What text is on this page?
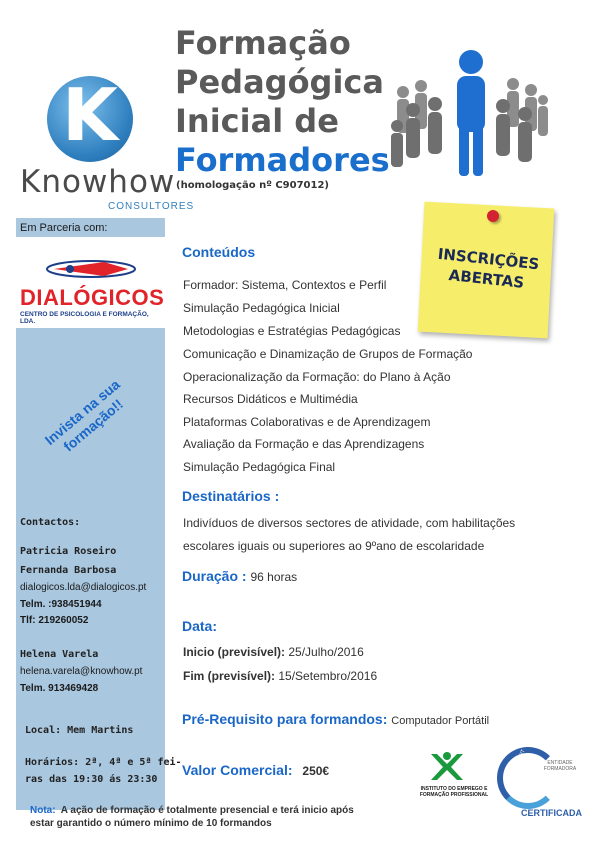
K
Knowhow
CONSULTORES
Em Parceria com:
DIALÓGICOS
CENTRO DE PSICOLOGIA E FORMAÇÃO, LDA.
Invista na sua formação!!
Contactos:
Patricia Roseiro
Fernanda Barbosa
dialogicos.lda@dialogicos.pt
Telm. :938451944
Tlf: 219260052
Helena Varela
helena.varela@knowhow.pt
Telm. 913469428
Local: Mem Martins
Horários: 2ª, 4ª e 5ª fei-
ras das 19:30 ás 23:30
Formação
Pedagógica
Inicial de
Formadores
(homologação nº C907012)
INSCRIÇÕES
ABERTAS
Conteúdos
Formador: Sistema, Contextos e Perfil
Simulação Pedagógica Inicial
Metodologias e Estratégias Pedagógicas
Comunicação e Dinamização de Grupos de Formação
Operacionalização da Formação: do Plano à Ação
Recursos Didáticos e Multimédia
Plataformas Colaborativas e de Aprendizagem
Avaliação da Formação e das Aprendizagens
Simulação Pedagógica Final
Destinatários :
Indivíduos de diversos sectores de atividade, com habilitações
escolares iguais ou superiores ao 9ºano de escolaridade
Duração : 96 horas
Data:
Inicio (previsível): 25/Julho/2016
Fim (previsível): 15/Setembro/2016
Pré-Requisito para formandos: Computador Portátil
Valor Comercial: 250€
INSTITUTO DO EMPREGO E FORMAÇÃO PROFISSIONAL
DGERT	ENTIDADE FORMADORA
CERTIFICADA
Nota: A ação de formação é totalmente presencial e terá inicio após
estar garantido o número mínimo de 10 formandos
